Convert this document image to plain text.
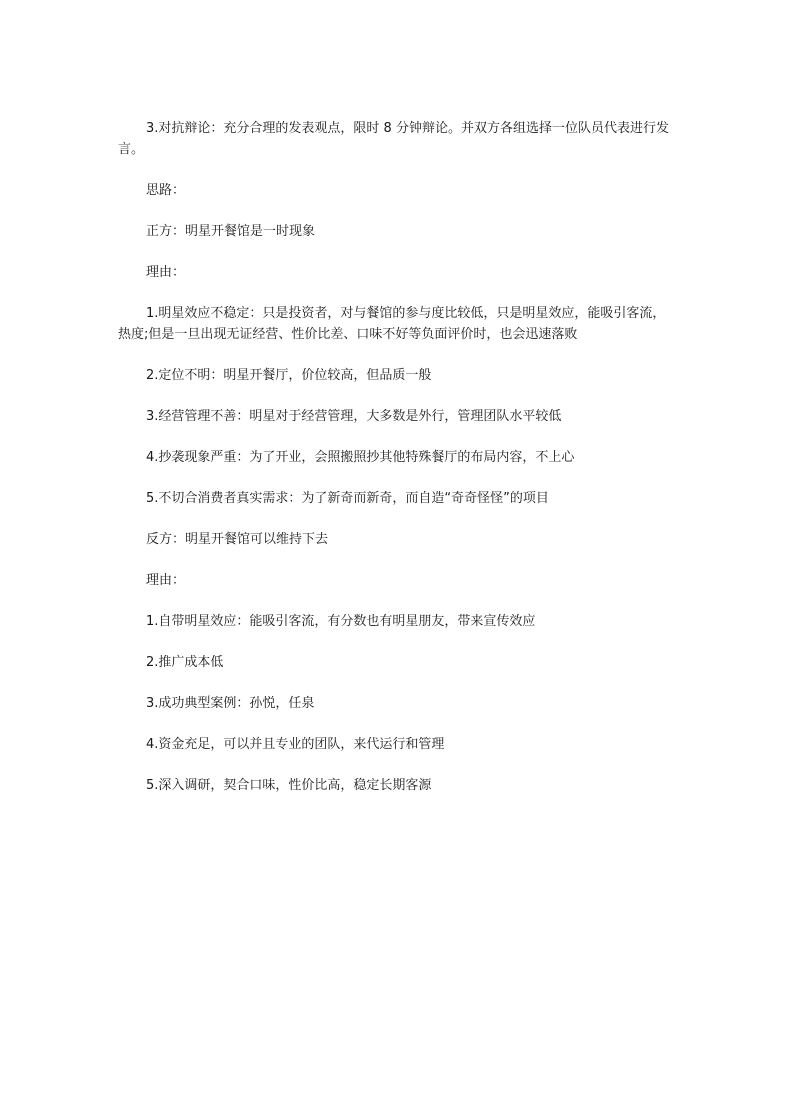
3.对抗辩论：充分合理的发表观点，限时 8 分钟辩论。并双方各组选择一位队员代表进行发言。

思路：

正方：明星开餐馆是一时现象

理由：

1.明星效应不稳定：只是投资者，对与餐馆的参与度比较低，只是明星效应，能吸引客流，热度;但是一旦出现无证经营、性价比差、口味不好等负面评价时，也会迅速落败

2.定位不明：明星开餐厅，价位较高，但品质一般

3.经营管理不善：明星对于经营管理，大多数是外行，管理团队水平较低

4.抄袭现象严重：为了开业，会照搬照抄其他特殊餐厅的布局内容，不上心

5.不切合消费者真实需求：为了新奇而新奇，而自造“奇奇怪怪”的项目

反方：明星开餐馆可以维持下去

理由：

1.自带明星效应：能吸引客流，有分数也有明星朋友，带来宣传效应

2.推广成本低

3.成功典型案例：孙悦，任泉

4.资金充足，可以并且专业的团队，来代运行和管理

5.深入调研，契合口味，性价比高，稳定长期客源
